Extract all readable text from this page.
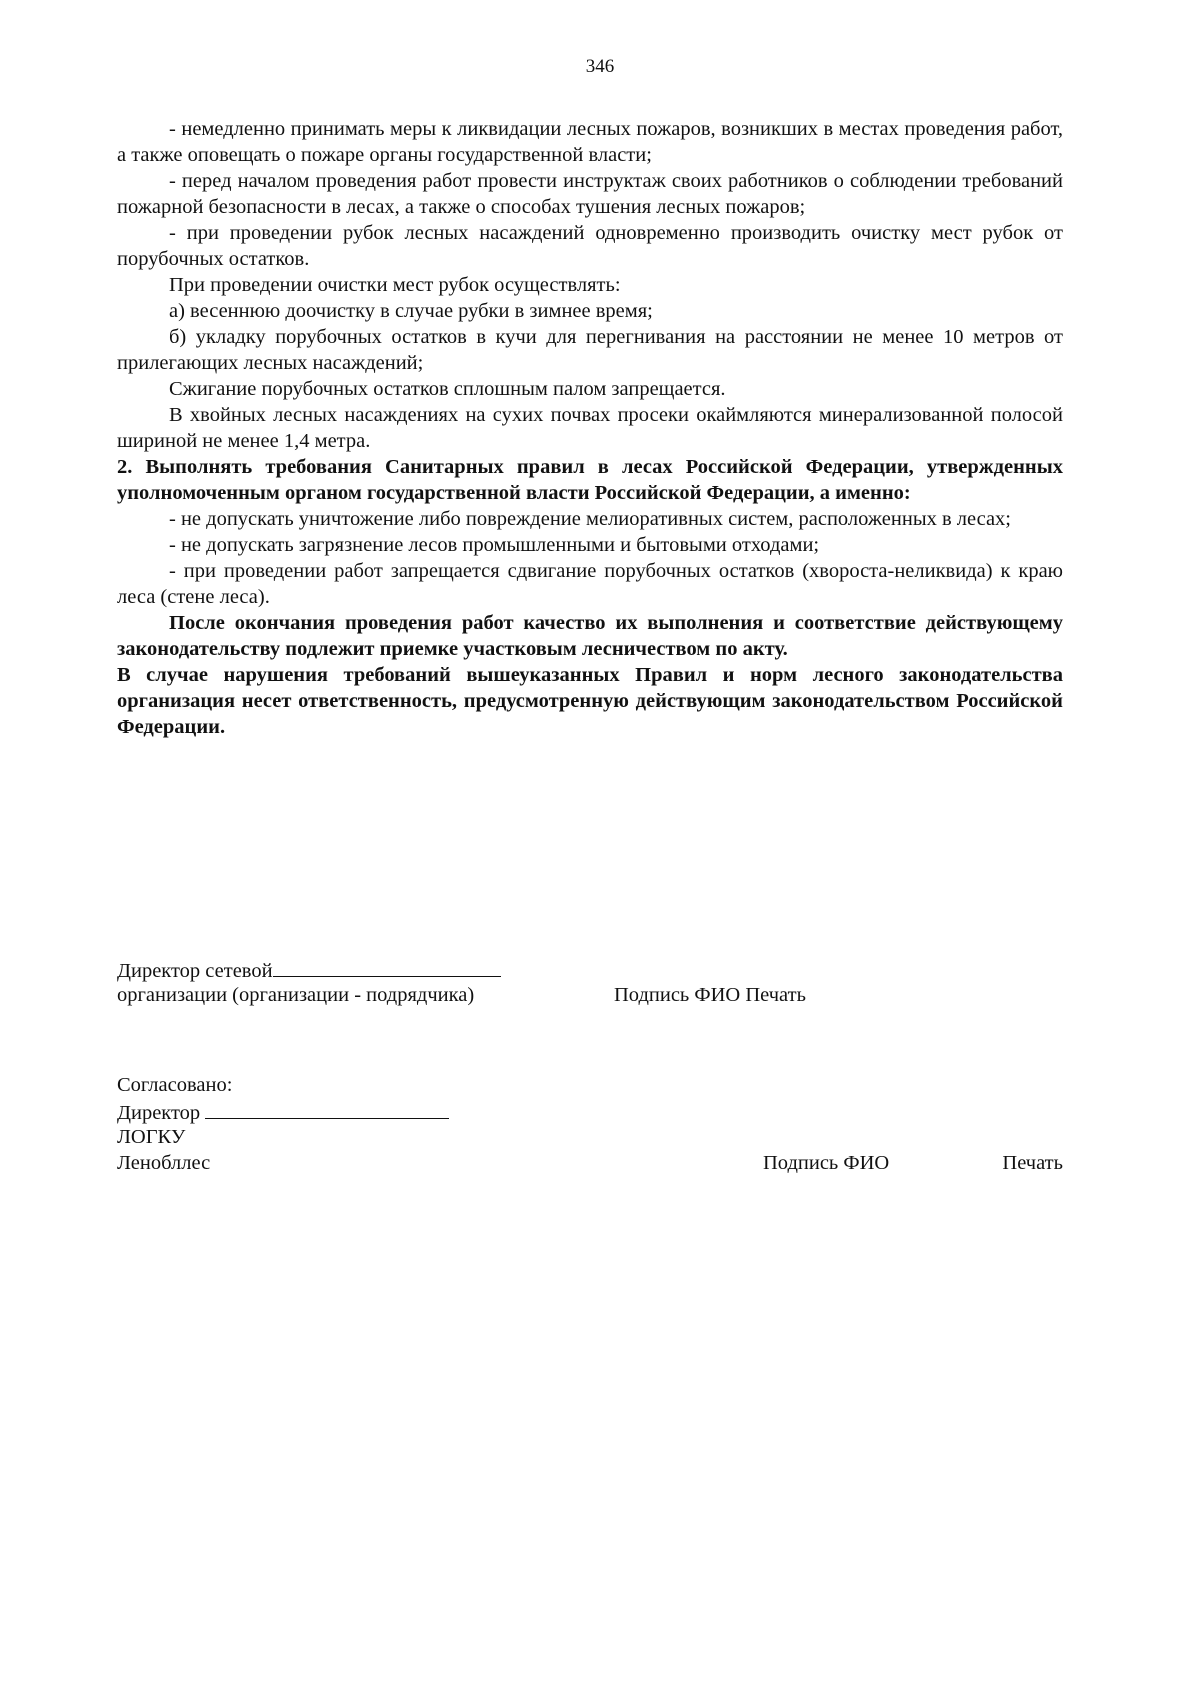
346

- немедленно принимать меры к ликвидации лесных пожаров, возникших в местах проведения работ, а также оповещать о пожаре органы государственной власти;

- перед началом проведения работ провести инструктаж своих работников о соблюдении требований пожарной безопасности в лесах, а также о способах тушения лесных пожаров;

- при проведении рубок лесных насаждений одновременно производить очистку мест рубок от порубочных остатков.

При проведении очистки мест рубок осуществлять:

а) весеннюю доочистку в случае рубки в зимнее время;

б) укладку порубочных остатков в кучи для перегнивания на расстоянии не менее 10 метров от прилегающих лесных насаждений;

Сжигание порубочных остатков сплошным палом запрещается.

В хвойных лесных насаждениях на сухих почвах просеки окаймляются минерализованной полосой шириной не менее 1,4 метра.

2. Выполнять требования Санитарных правил в лесах Российской Федерации, утвержденных уполномоченным органом государственной власти Российской Федерации, а именно:

- не допускать уничтожение либо повреждение мелиоративных систем, расположенных в лесах;

- не допускать загрязнение лесов промышленными и бытовыми отходами;

- при проведении работ запрещается сдвигание порубочных остатков (хвороста-неликвида) к краю леса (стене леса).

После окончания проведения работ качество их выполнения и соответствие действующему законодательству подлежит приемке участковым лесничеством по акту.

В случае нарушения требований вышеуказанных Правил и норм лесного законодательства организация несет ответственность, предусмотренную действующим законодательством Российской Федерации.

Директор сетевой
организации (организации - подрядчика)	Подпись ФИО Печать
Согласовано:
Директор
ЛОГКУ
Ленобллес	Подпись ФИО	Печать
